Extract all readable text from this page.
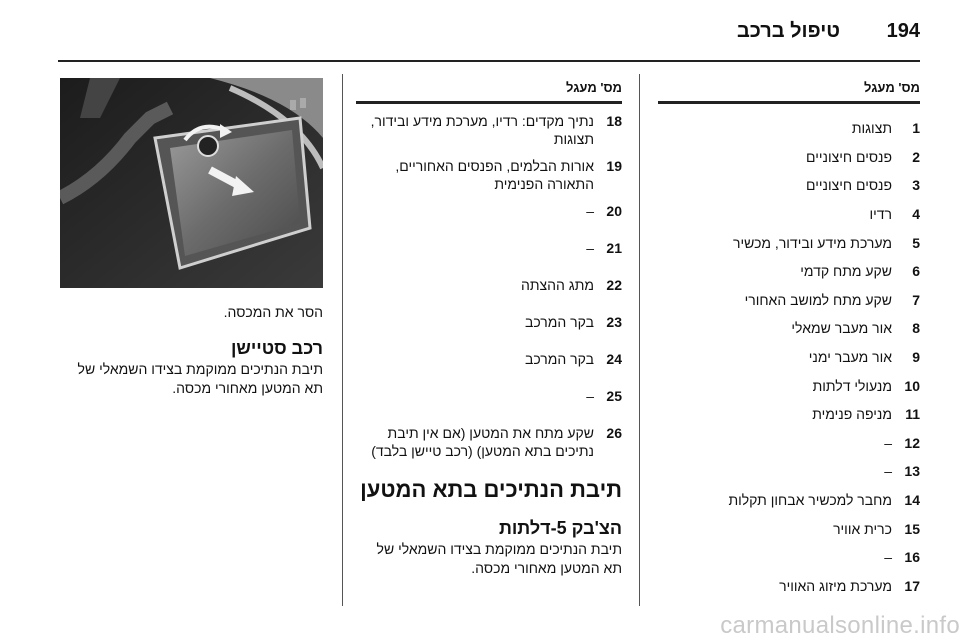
194
טיפול ברכב
מס' מעגל
1
תצוגות
2
פנסים חיצוניים
3
פנסים חיצוניים
4
רדיו
5
מערכת מידע ובידור, מכשיר
6
שקע מתח קדמי
7
שקע מתח למושב האחורי
8
אור מעבר שמאלי
9
אור מעבר ימני
10
מנעולי דלתות
11
מניפה פנימית
12
–
13
–
14
מחבר למכשיר אבחון תקלות
15
כרית אוויר
16
–
17
מערכת מיזוג האוויר
מס' מעגל
18
נתיך מקדים: רדיו, מערכת מידע ובידור, תצוגות
19
אורות הבלמים, הפנסים האחוריים, התאורה הפנימית
20
–
21
–
22
מתג ההצתה
23
בקר המרכב
24
בקר המרכב
25
–
26
שקע מתח את המטען (אם אין תיבת נתיכים בתא המטען) (רכב טיישן בלבד)
תיבת הנתיכים בתא המטען
הצ'בק 5-דלתות
תיבת הנתיכים ממוקמת בצידו השמאלי של תא המטען מאחורי מכסה.
הסר את המכסה.
רכב סטיישן
תיבת הנתיכים ממוקמת בצידו השמאלי של תא המטען מאחורי מכסה.
carmanualsonline.info
